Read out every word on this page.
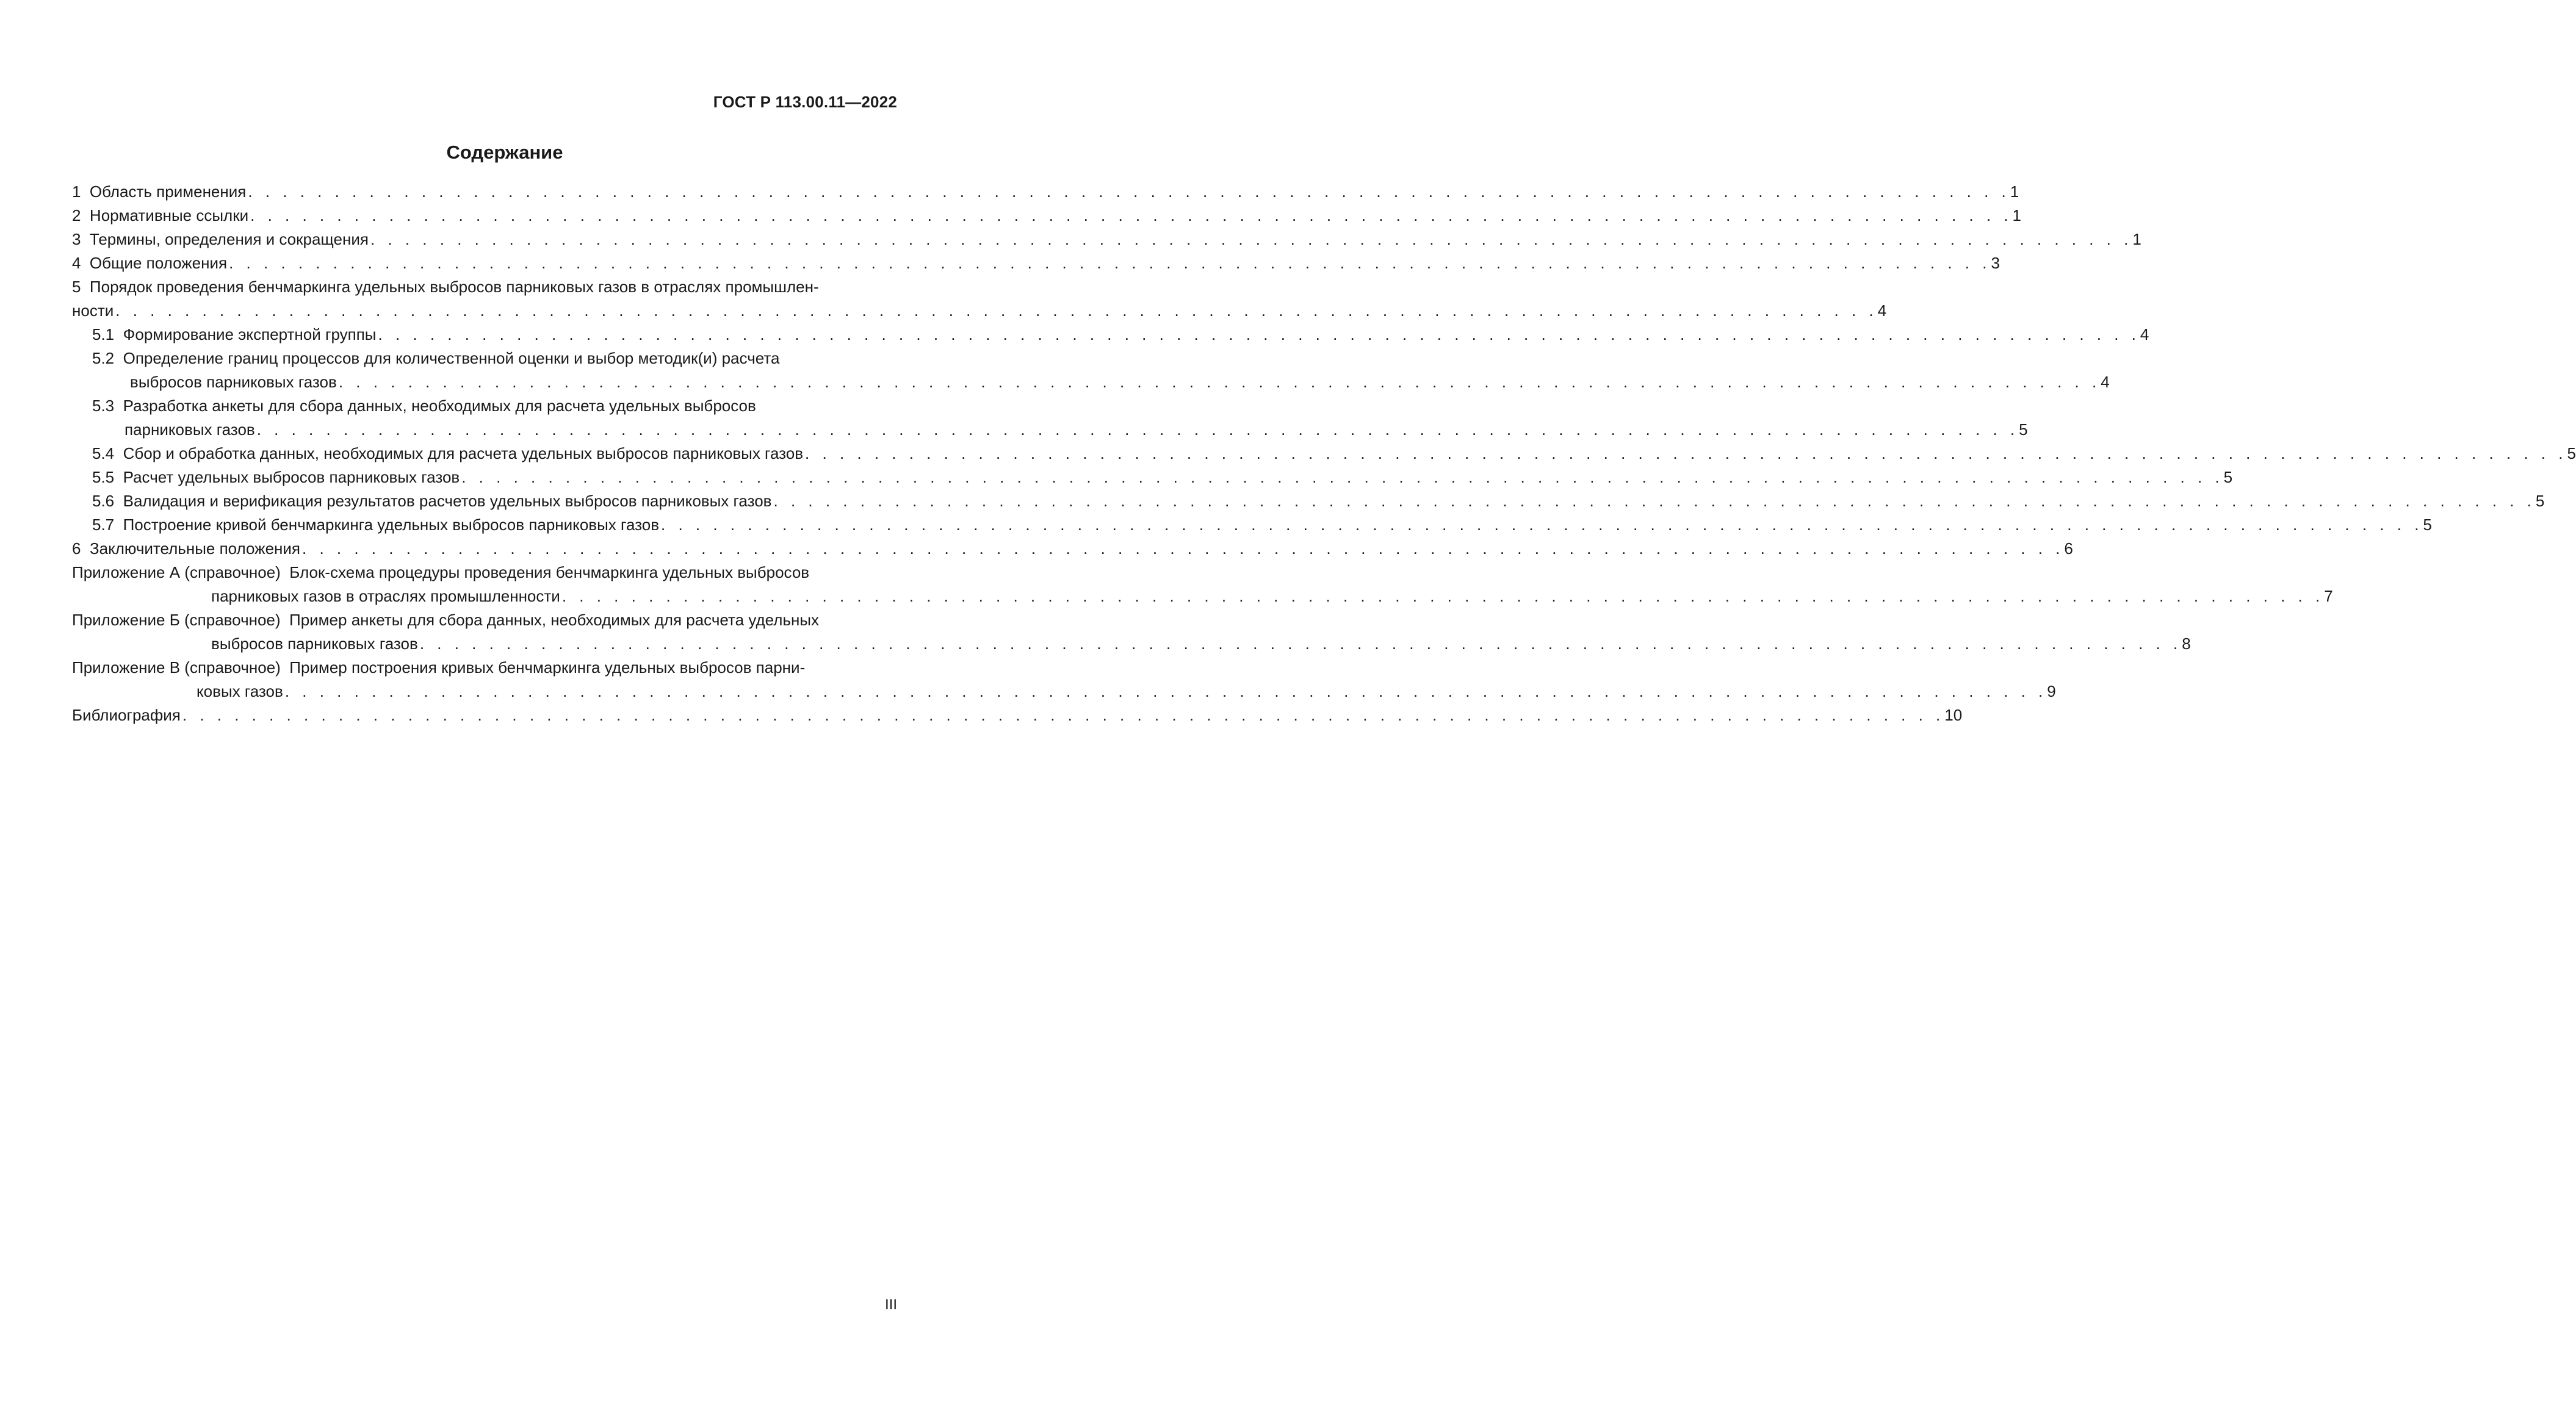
ГОСТ Р 113.00.11—2022
Содержание
1 Область применения . . . . . . . . . . . . . . . . . . . . . . . . . . . . . . . . . . . . . . . . . . . . . . . . . . . . . . . . . . . . . . . . . . . . . . . . . . . . . . . . . . . . . . . . . . . . . . . . . . . . . . 1
2 Нормативные ссылки . . . . . . . . . . . . . . . . . . . . . . . . . . . . . . . . . . . . . . . . . . . . . . . . . . . . . . . . . . . . . . . . . . . . . . . . . . . . . . . . . . . . . . . . . . . . . . . . . . . . . . 1
3 Термины, определения и сокращения . . . . . . . . . . . . . . . . . . . . . . . . . . . . . . . . . . . . . . . . . . . . . . . . . . . . . . . . . . . . . . . . . . . . . . . . . . . . . . . . . . . . . . . . . . . . . . . . . . . . . . 1
4 Общие положения . . . . . . . . . . . . . . . . . . . . . . . . . . . . . . . . . . . . . . . . . . . . . . . . . . . . . . . . . . . . . . . . . . . . . . . . . . . . . . . . . . . . . . . . . . . . . . . . . . . . . . 3
5 Порядок проведения бенчмаркинга удельных выбросов парниковых газов в отраслях промышлен-
ности . . . . . . . . . . . . . . . . . . . . . . . . . . . . . . . . . . . . . . . . . . . . . . . . . . . . . . . . . . . . . . . . . . . . . . . . . . . . . . . . . . . . . . . . . . . . . . . . . . . . . . 4
5.1 Формирование экспертной группы . . . . . . . . . . . . . . . . . . . . . . . . . . . . . . . . . . . . . . . . . . . . . . . . . . . . . . . . . . . . . . . . . . . . . . . . . . . . . . . . . . . . . . . . . . . . . . . . . . . . . . 4
5.2 Определение границ процессов для количественной оценки и выбор методик(и) расчета
выбросов парниковых газов . . . . . . . . . . . . . . . . . . . . . . . . . . . . . . . . . . . . . . . . . . . . . . . . . . . . . . . . . . . . . . . . . . . . . . . . . . . . . . . . . . . . . . . . . . . . . . . . . . . . . . 4
5.3 Разработка анкеты для сбора данных, необходимых для расчета удельных выбросов
парниковых газов . . . . . . . . . . . . . . . . . . . . . . . . . . . . . . . . . . . . . . . . . . . . . . . . . . . . . . . . . . . . . . . . . . . . . . . . . . . . . . . . . . . . . . . . . . . . . . . . . . . . . . 5
5.4 Сбор и обработка данных, необходимых для расчета удельных выбросов парниковых газов . . . . . . . . . . . . . . . . . . . . . . . . . . . . . . . . . . . . . . . . . . . . . . . . . . . . . . . . . . . . . . . . . . . . . . . . . . . . . . . . . . . . . . . . . . . . . . . . . . . . . . 5
5.5 Расчет удельных выбросов парниковых газов . . . . . . . . . . . . . . . . . . . . . . . . . . . . . . . . . . . . . . . . . . . . . . . . . . . . . . . . . . . . . . . . . . . . . . . . . . . . . . . . . . . . . . . . . . . . . . . . . . . . . . 5
5.6 Валидация и верификация результатов расчетов удельных выбросов парниковых газов . . . . . . . . . . . . . . . . . . . . . . . . . . . . . . . . . . . . . . . . . . . . . . . . . . . . . . . . . . . . . . . . . . . . . . . . . . . . . . . . . . . . . . . . . . . . . . . . . . . . . . 5
5.7 Построение кривой бенчмаркинга удельных выбросов парниковых газов . . . . . . . . . . . . . . . . . . . . . . . . . . . . . . . . . . . . . . . . . . . . . . . . . . . . . . . . . . . . . . . . . . . . . . . . . . . . . . . . . . . . . . . . . . . . . . . . . . . . . . 5
6 Заключительные положения . . . . . . . . . . . . . . . . . . . . . . . . . . . . . . . . . . . . . . . . . . . . . . . . . . . . . . . . . . . . . . . . . . . . . . . . . . . . . . . . . . . . . . . . . . . . . . . . . . . . . . 6
Приложение А (справочное) Блок-схема процедуры проведения бенчмаркинга удельных выбросов
парниковых газов в отраслях промышленности . . . . . . . . . . . . . . . . . . . . . . . . . . . . . . . . . . . . . . . . . . . . . . . . . . . . . . . . . . . . . . . . . . . . . . . . . . . . . . . . . . . . . . . . . . . . . . . . . . . . . . 7
Приложение Б (справочное) Пример анкеты для сбора данных, необходимых для расчета удельных
выбросов парниковых газов . . . . . . . . . . . . . . . . . . . . . . . . . . . . . . . . . . . . . . . . . . . . . . . . . . . . . . . . . . . . . . . . . . . . . . . . . . . . . . . . . . . . . . . . . . . . . . . . . . . . . . 8
Приложение В (справочное) Пример построения кривых бенчмаркинга удельных выбросов парни-
ковых газов . . . . . . . . . . . . . . . . . . . . . . . . . . . . . . . . . . . . . . . . . . . . . . . . . . . . . . . . . . . . . . . . . . . . . . . . . . . . . . . . . . . . . . . . . . . . . . . . . . . . . . 9
Библиография . . . . . . . . . . . . . . . . . . . . . . . . . . . . . . . . . . . . . . . . . . . . . . . . . . . . . . . . . . . . . . . . . . . . . . . . . . . . . . . . . . . . . . . . . . . . . . . . . . . . . . 10
III
